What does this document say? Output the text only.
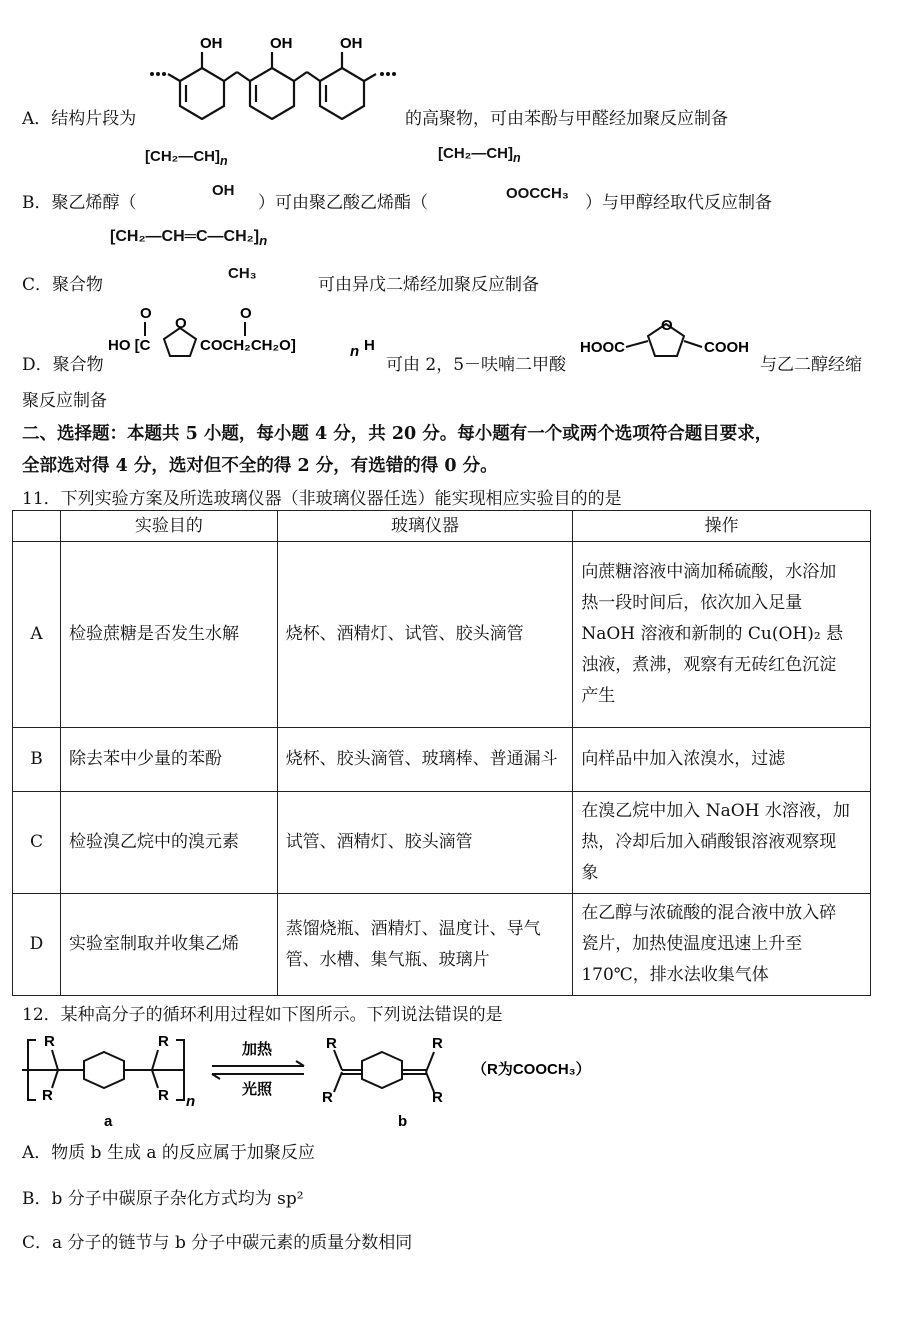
OH	OH	OH
A．结构片段为	的高聚物，可由苯酚与甲醛经加聚反应制备
$[CH_2—CH]_n$
OH
$[CH_2—CH]_n$
OOCCH₃
B．聚乙烯醇（	）可由聚乙酸乙烯酯（	）与甲醇经取代反应制备
$[CH_2—CH═C—CH_2]_n$
CH₃
C．聚合物	可由异戊二烯经加聚反应制备
HO [C
O
O
COCH₂CH₂O]
O
n H
D．聚合物	可由 2，5－呋喃二甲酸
HOOC
O
COOH
与乙二醇经缩
聚反应制备
二、选择题：本题共 5 小题，每小题 4 分，共 20 分。每小题有一个或两个选项符合题目要求，
全部选对得 4 分，选对但不全的得 2 分，有选错的得 0 分。
11．下列实验方案及所选玻璃仪器（非玻璃仪器任选）能实现相应实验目的的是
	实验目的	玻璃仪器	操作
A	检验蔗糖是否发生水解	烧杯、酒精灯、试管、胶头滴管	向蔗糖溶液中滴加稀硫酸，水浴加
热一段时间后，依次加入足量
NaOH 溶液和新制的 Cu(OH)₂ 悬
浊液，煮沸，观察有无砖红色沉淀
产生

B	除去苯中少量的苯酚	烧杯、胶头滴管、玻璃棒、普通漏斗	向样品中加入浓溴水，过滤

C	检验溴乙烷中的溴元素	试管、酒精灯、胶头滴管	在溴乙烷中加入 NaOH 水溶液，加
热，冷却后加入硝酸银溶液观察现
象

D	实验室制取并收集乙烯	蒸馏烧瓶、酒精灯、温度计、导气管、水槽、集气瓶、玻璃片	在乙醇与浓硫酸的混合液中放入碎
瓷片，加热使温度迅速上升至
170℃，排水法收集气体
12．某种高分子的循环利用过程如下图所示。下列说法错误的是
R
R
R
R n
加热
光照
R
R
R
R
（R为COOCH₃）
a	b
A．物质 b 生成 a 的反应属于加聚反应
B．b 分子中碳原子杂化方式均为 sp²
C．a 分子的链节与 b 分子中碳元素的质量分数相同
